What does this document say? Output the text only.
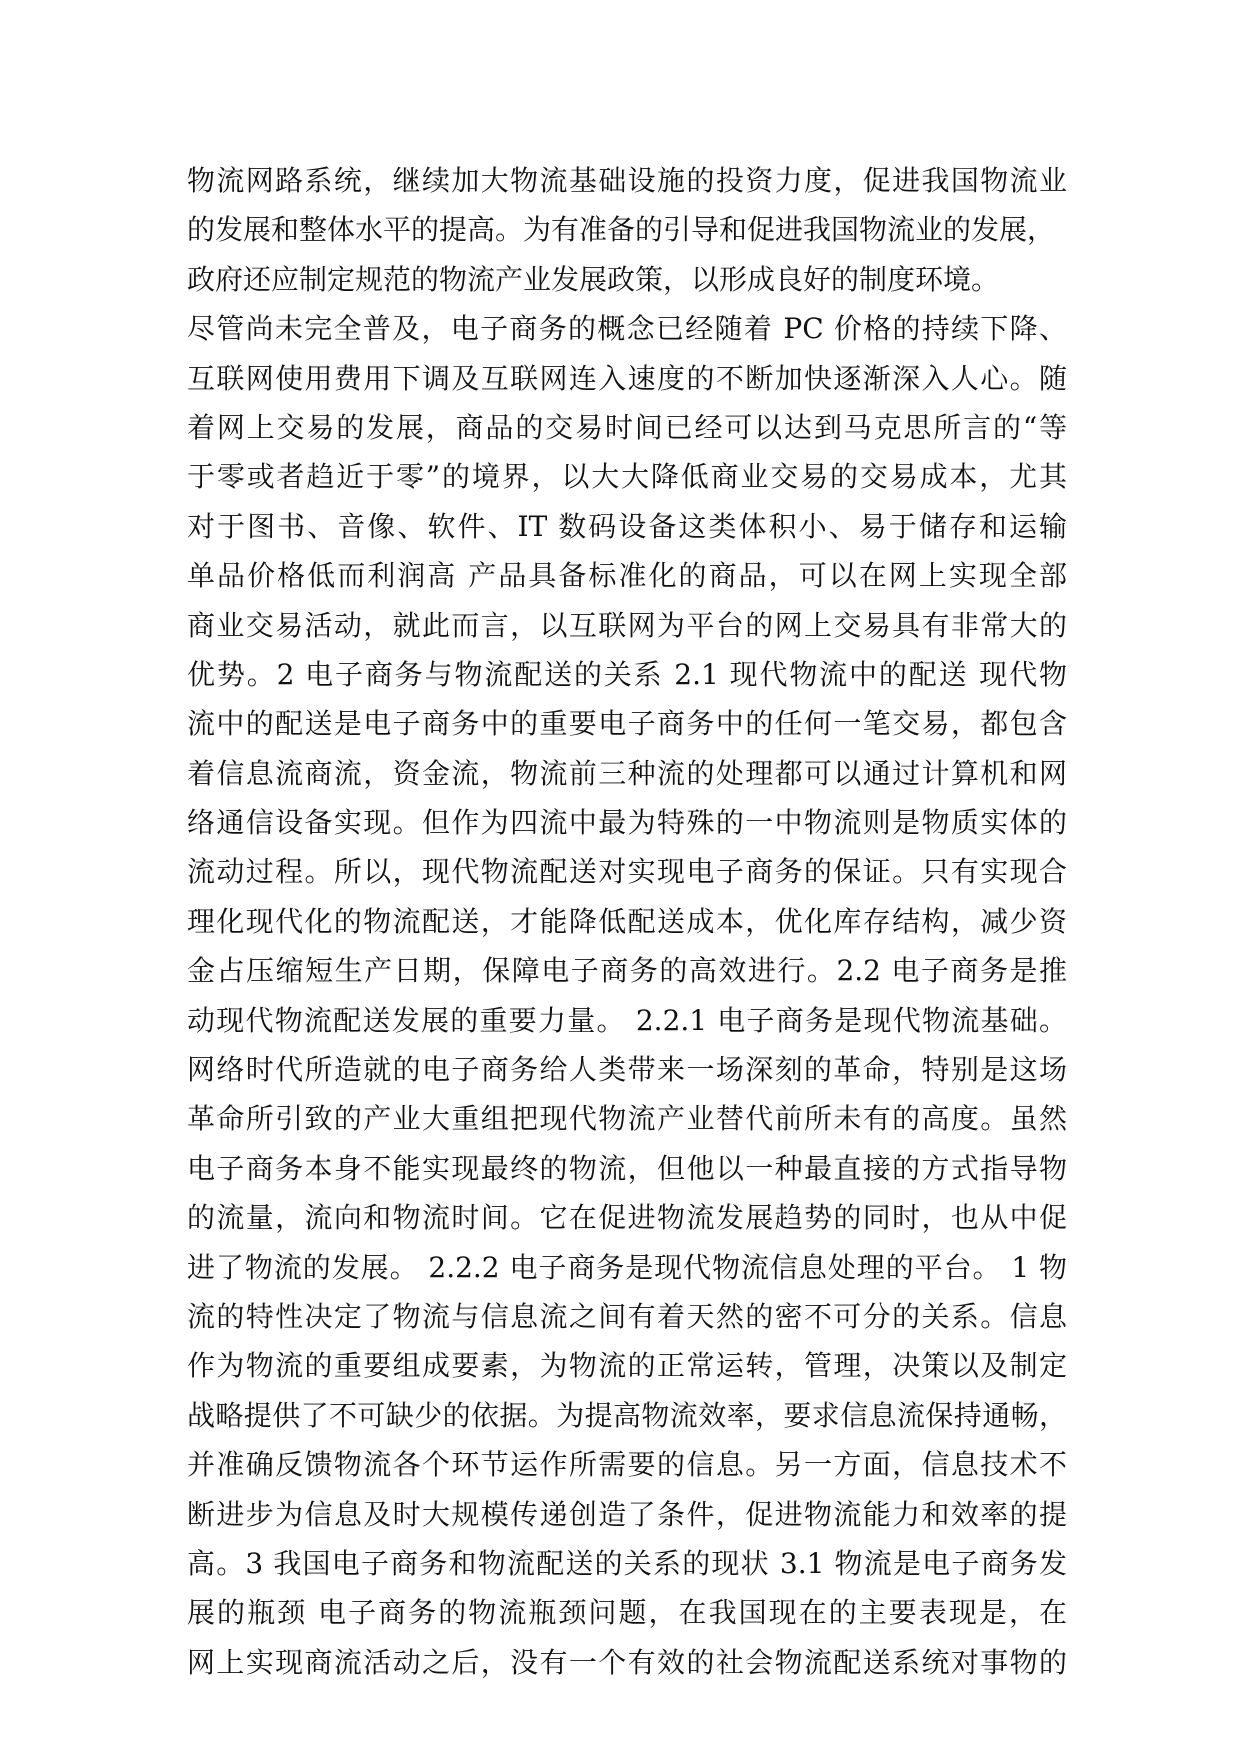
物流网路系统，继续加大物流基础设施的投资力度，促进我国物流业
的发展和整体水平的提高。为有准备的引导和促进我国物流业的发展，
政府还应制定规范的物流产业发展政策，以形成良好的制度环境。
尽管尚未完全普及，电子商务的概念已经随着 PC 价格的持续下降、
互联网使用费用下调及互联网连入速度的不断加快逐渐深入人心。随
着网上交易的发展，商品的交易时间已经可以达到马克思所言的“等
于零或者趋近于零”的境界，以大大降低商业交易的交易成本，尤其
对于图书、音像、软件、IT 数码设备这类体积小、易于储存和运输
单品价格低而利润高 产品具备标准化的商品，可以在网上实现全部
商业交易活动，就此而言，以互联网为平台的网上交易具有非常大的
优势。2 电子商务与物流配送的关系 2.1 现代物流中的配送 现代物
流中的配送是电子商务中的重要电子商务中的任何一笔交易，都包含
着信息流商流，资金流，物流前三种流的处理都可以通过计算机和网
络通信设备实现。但作为四流中最为特殊的一中物流则是物质实体的
流动过程。所以，现代物流配送对实现电子商务的保证。只有实现合
理化现代化的物流配送，才能降低配送成本，优化库存结构，减少资
金占压缩短生产日期，保障电子商务的高效进行。2.2 电子商务是推
动现代物流配送发展的重要力量。 2.2.1 电子商务是现代物流基础。
网络时代所造就的电子商务给人类带来一场深刻的革命，特别是这场
革命所引致的产业大重组把现代物流产业替代前所未有的高度。虽然
电子商务本身不能实现最终的物流，但他以一种最直接的方式指导物
的流量，流向和物流时间。它在促进物流发展趋势的同时，也从中促
进了物流的发展。 2.2.2 电子商务是现代物流信息处理的平台。 1 物
流的特性决定了物流与信息流之间有着天然的密不可分的关系。信息
作为物流的重要组成要素，为物流的正常运转，管理，决策以及制定
战略提供了不可缺少的依据。为提高物流效率，要求信息流保持通畅，
并准确反馈物流各个环节运作所需要的信息。另一方面，信息技术不
断进步为信息及时大规模传递创造了条件，促进物流能力和效率的提
高。3 我国电子商务和物流配送的关系的现状 3.1 物流是电子商务发
展的瓶颈 电子商务的物流瓶颈问题，在我国现在的主要表现是，在
网上实现商流活动之后，没有一个有效的社会物流配送系统对事物的
